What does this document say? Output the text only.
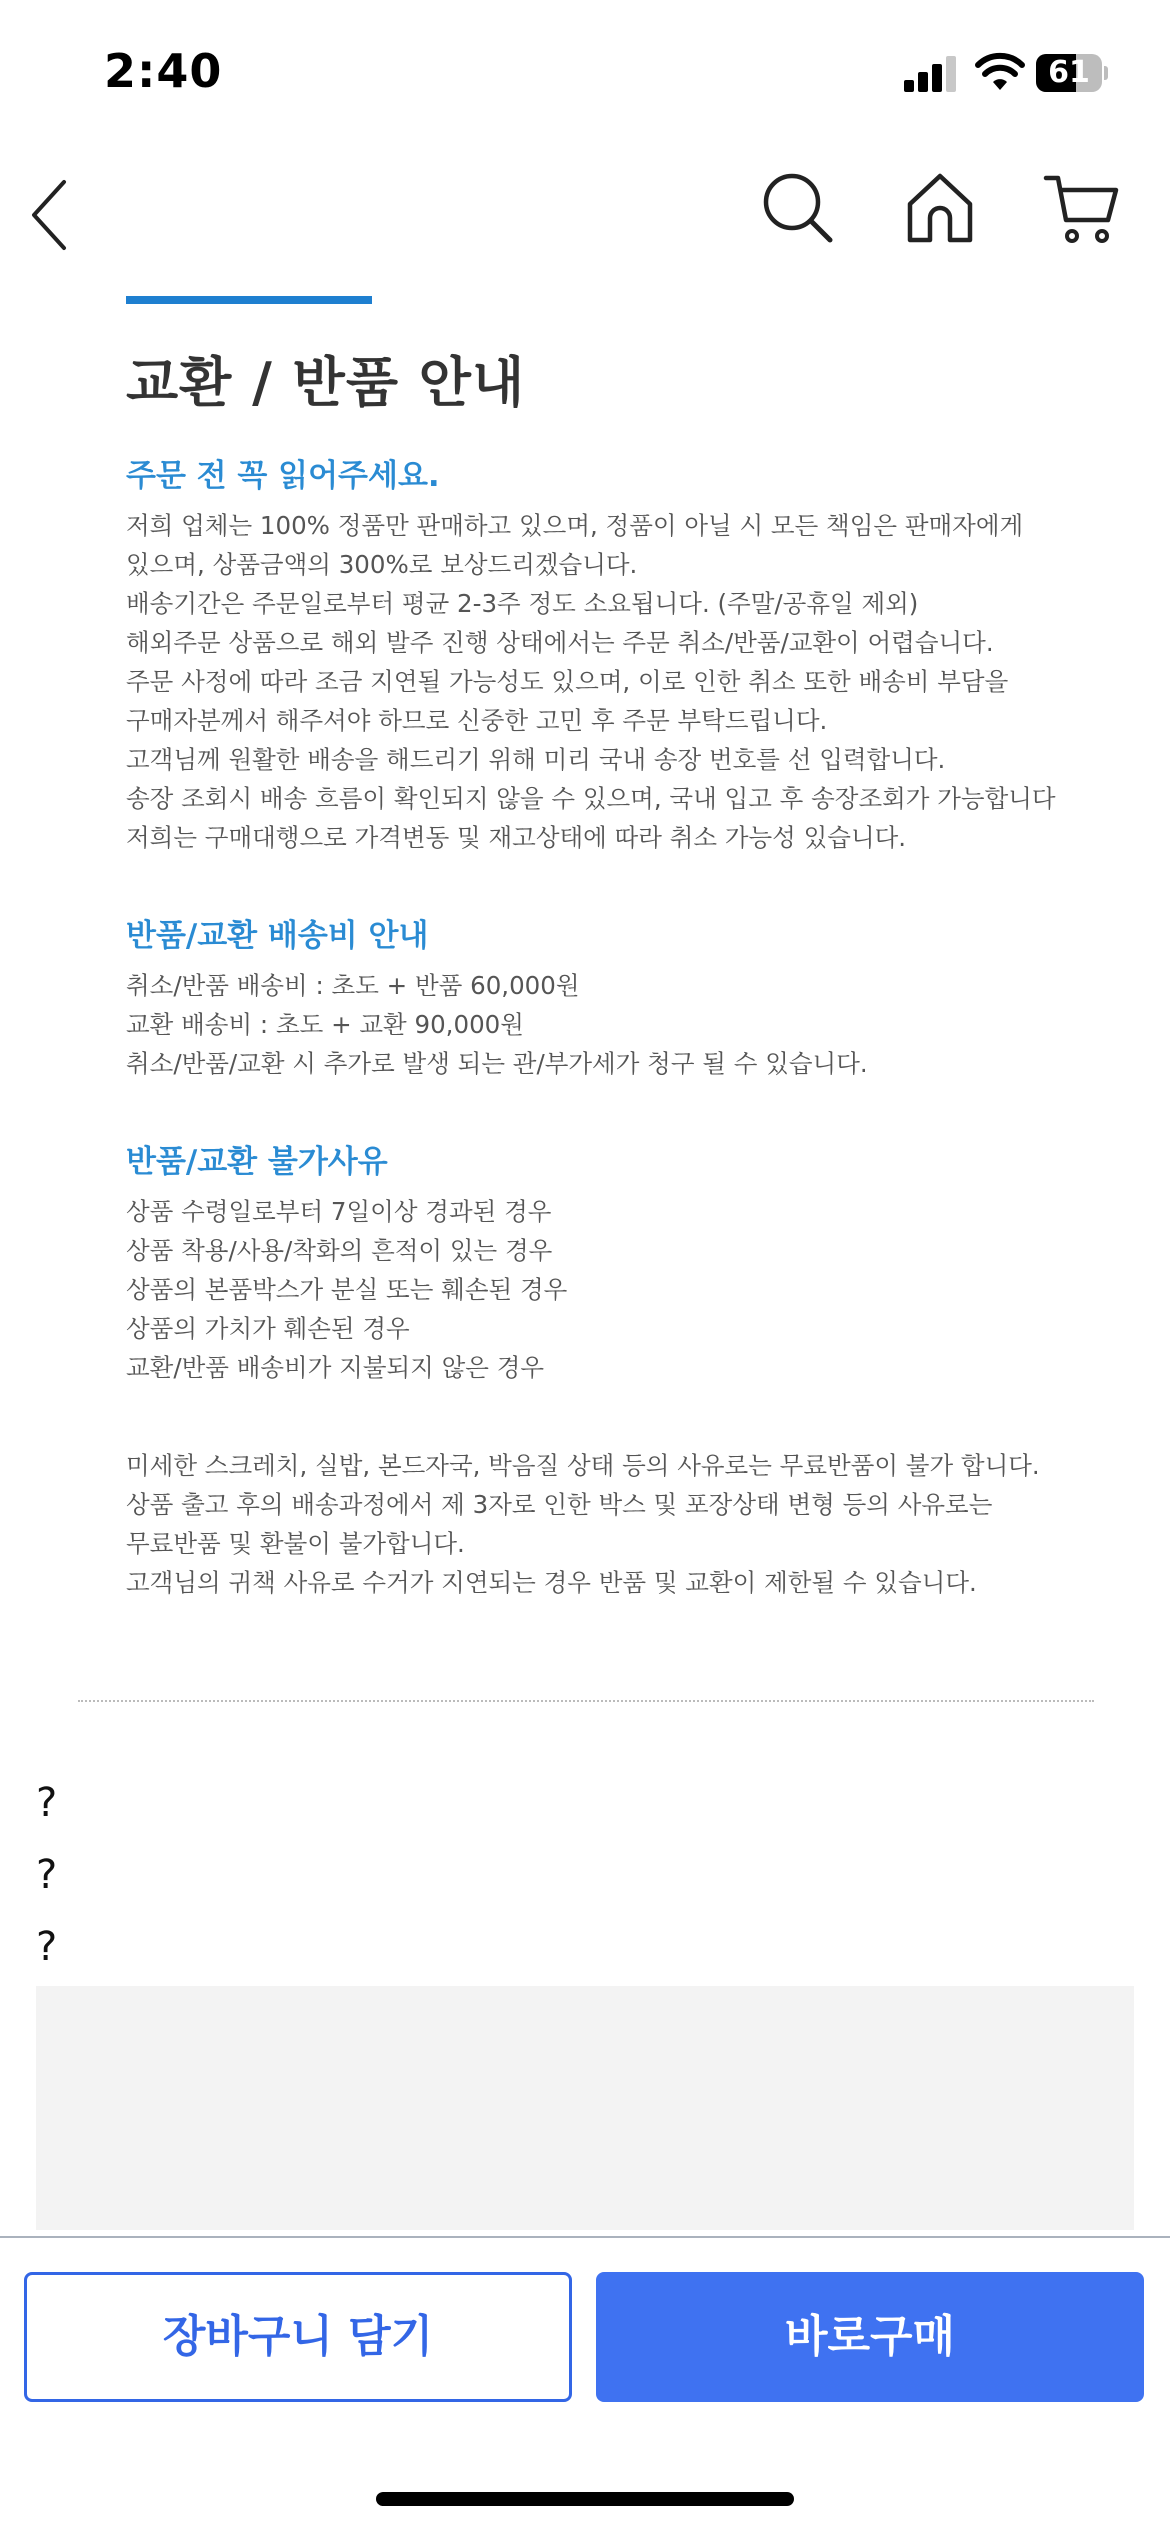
2:40	61
교환 / 반품 안내
주문 전 꼭 읽어주세요.
저희 업체는 100% 정품만 판매하고 있으며, 정품이 아닐 시 모든 책임은 판매자에게
있으며, 상품금액의 300%로 보상드리겠습니다.
배송기간은 주문일로부터 평균 2-3주 정도 소요됩니다. (주말/공휴일 제외)
해외주문 상품으로 해외 발주 진행 상태에서는 주문 취소/반품/교환이 어렵습니다.
주문 사정에 따라 조금 지연될 가능성도 있으며, 이로 인한 취소 또한 배송비 부담을
구매자분께서 해주셔야 하므로 신중한 고민 후 주문 부탁드립니다.
고객님께 원활한 배송을 해드리기 위해 미리 국내 송장 번호를 선 입력합니다.
송장 조회시 배송 흐름이 확인되지 않을 수 있으며, 국내 입고 후 송장조회가 가능합니다
저희는 구매대행으로 가격변동 및 재고상태에 따라 취소 가능성 있습니다.
반품/교환 배송비 안내
취소/반품 배송비 : 초도 + 반품 60,000원
교환 배송비 : 초도 + 교환 90,000원
취소/반품/교환 시 추가로 발생 되는 관/부가세가 청구 될 수 있습니다.
반품/교환 불가사유
상품 수령일로부터 7일이상 경과된 경우
상품 착용/사용/착화의 흔적이 있는 경우
상품의 본품박스가 분실 또는 훼손된 경우
상품의 가치가 훼손된 경우
교환/반품 배송비가 지불되지 않은 경우
미세한 스크레치, 실밥, 본드자국, 박음질 상태 등의 사유로는 무료반품이 불가 합니다.
상품 출고 후의 배송과정에서 제 3자로 인한 박스 및 포장상태 변형 등의 사유로는
무료반품 및 환불이 불가합니다.
고객님의 귀책 사유로 수거가 지연되는 경우 반품 및 교환이 제한될 수 있습니다.
?
?
?
장바구니 담기	바로구매
